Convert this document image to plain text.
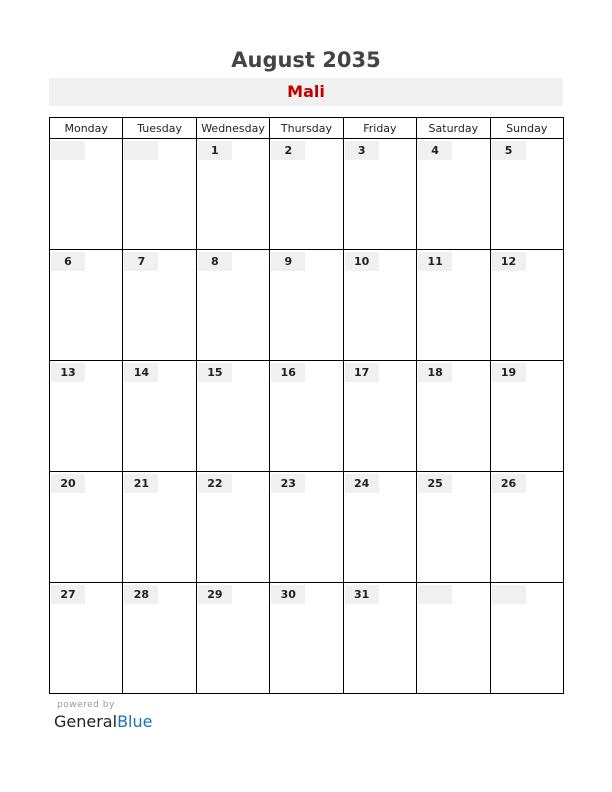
August 2035
Mali
Monday	Tuesday	Wednesday	Thursday	Friday	Saturday	Sunday

		1	2	3	4	5

6	7	8	9	10	11	12

13	14	15	16	17	18	19

20	21	22	23	24	25	26

27	28	29	30	31		

powered by
GeneralBlue
